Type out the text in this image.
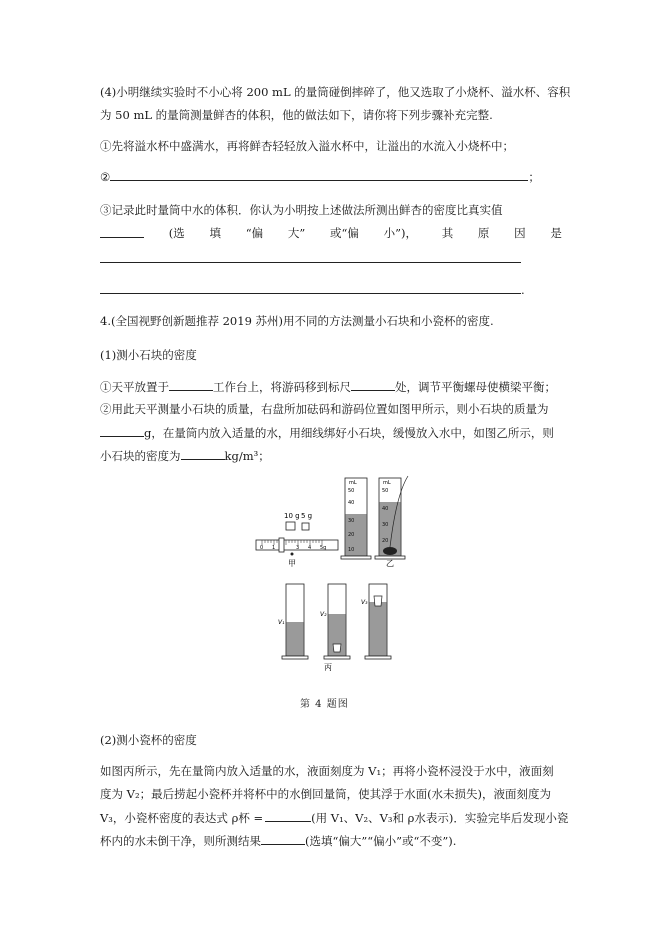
(4)小明继续实验时不小心将 200 mL 的量筒碰倒摔碎了，他又选取了小烧杯、溢水杯、容积
为 50 mL 的量筒测量鲜杏的体积，他的做法如下，请你将下列步骤补充完整.
①先将溢水杯中盛满水，再将鲜杏轻轻放入溢水杯中，让溢出的水流入小烧杯中；
②	；
③记录此时量筒中水的体积．你认为小明按上述做法所测出鲜杏的密度比真实值
(选 填 “偏 大” 或“偏 小”)， 其 原 因 是
.
4.(全国视野创新题推荐 2019 苏州)用不同的方法测量小石块和小瓷杯的密度.
(1)测小石块的密度
①天平放置于	工作台上，将游码移到标尺	处，调节平衡螺母使横梁平衡；
②用此天平测量小石块的质量，右盘所加砝码和游码位置如图甲所示，则小石块的质量为
g，在量筒内放入适量的水，用细线绑好小石块，缓慢放入水中，如图乙所示，则
小石块的密度为	kg/m³；
10 g 5 g
0 1	3 4 5g
甲
mL
50
40
30
20
10
mL
50
40
30
20
乙
V₁
V₂
V₃
丙
第 4 题图
(2)测小瓷杯的密度
如图丙所示，先在量筒内放入适量的水，液面刻度为 V₁；再将小瓷杯浸没于水中，液面刻
度为 V₂；最后捞起小瓷杯并将杯中的水倒回量筒，使其浮于水面(水未损失)，液面刻度为
V₃，小瓷杯密度的表达式 ρ杯 =	(用 V₁、V₂、V₃和 ρ水表示)．实验完毕后发现小瓷
杯内的水未倒干净，则所测结果	(选填“偏大”“偏小”或“不变”).
